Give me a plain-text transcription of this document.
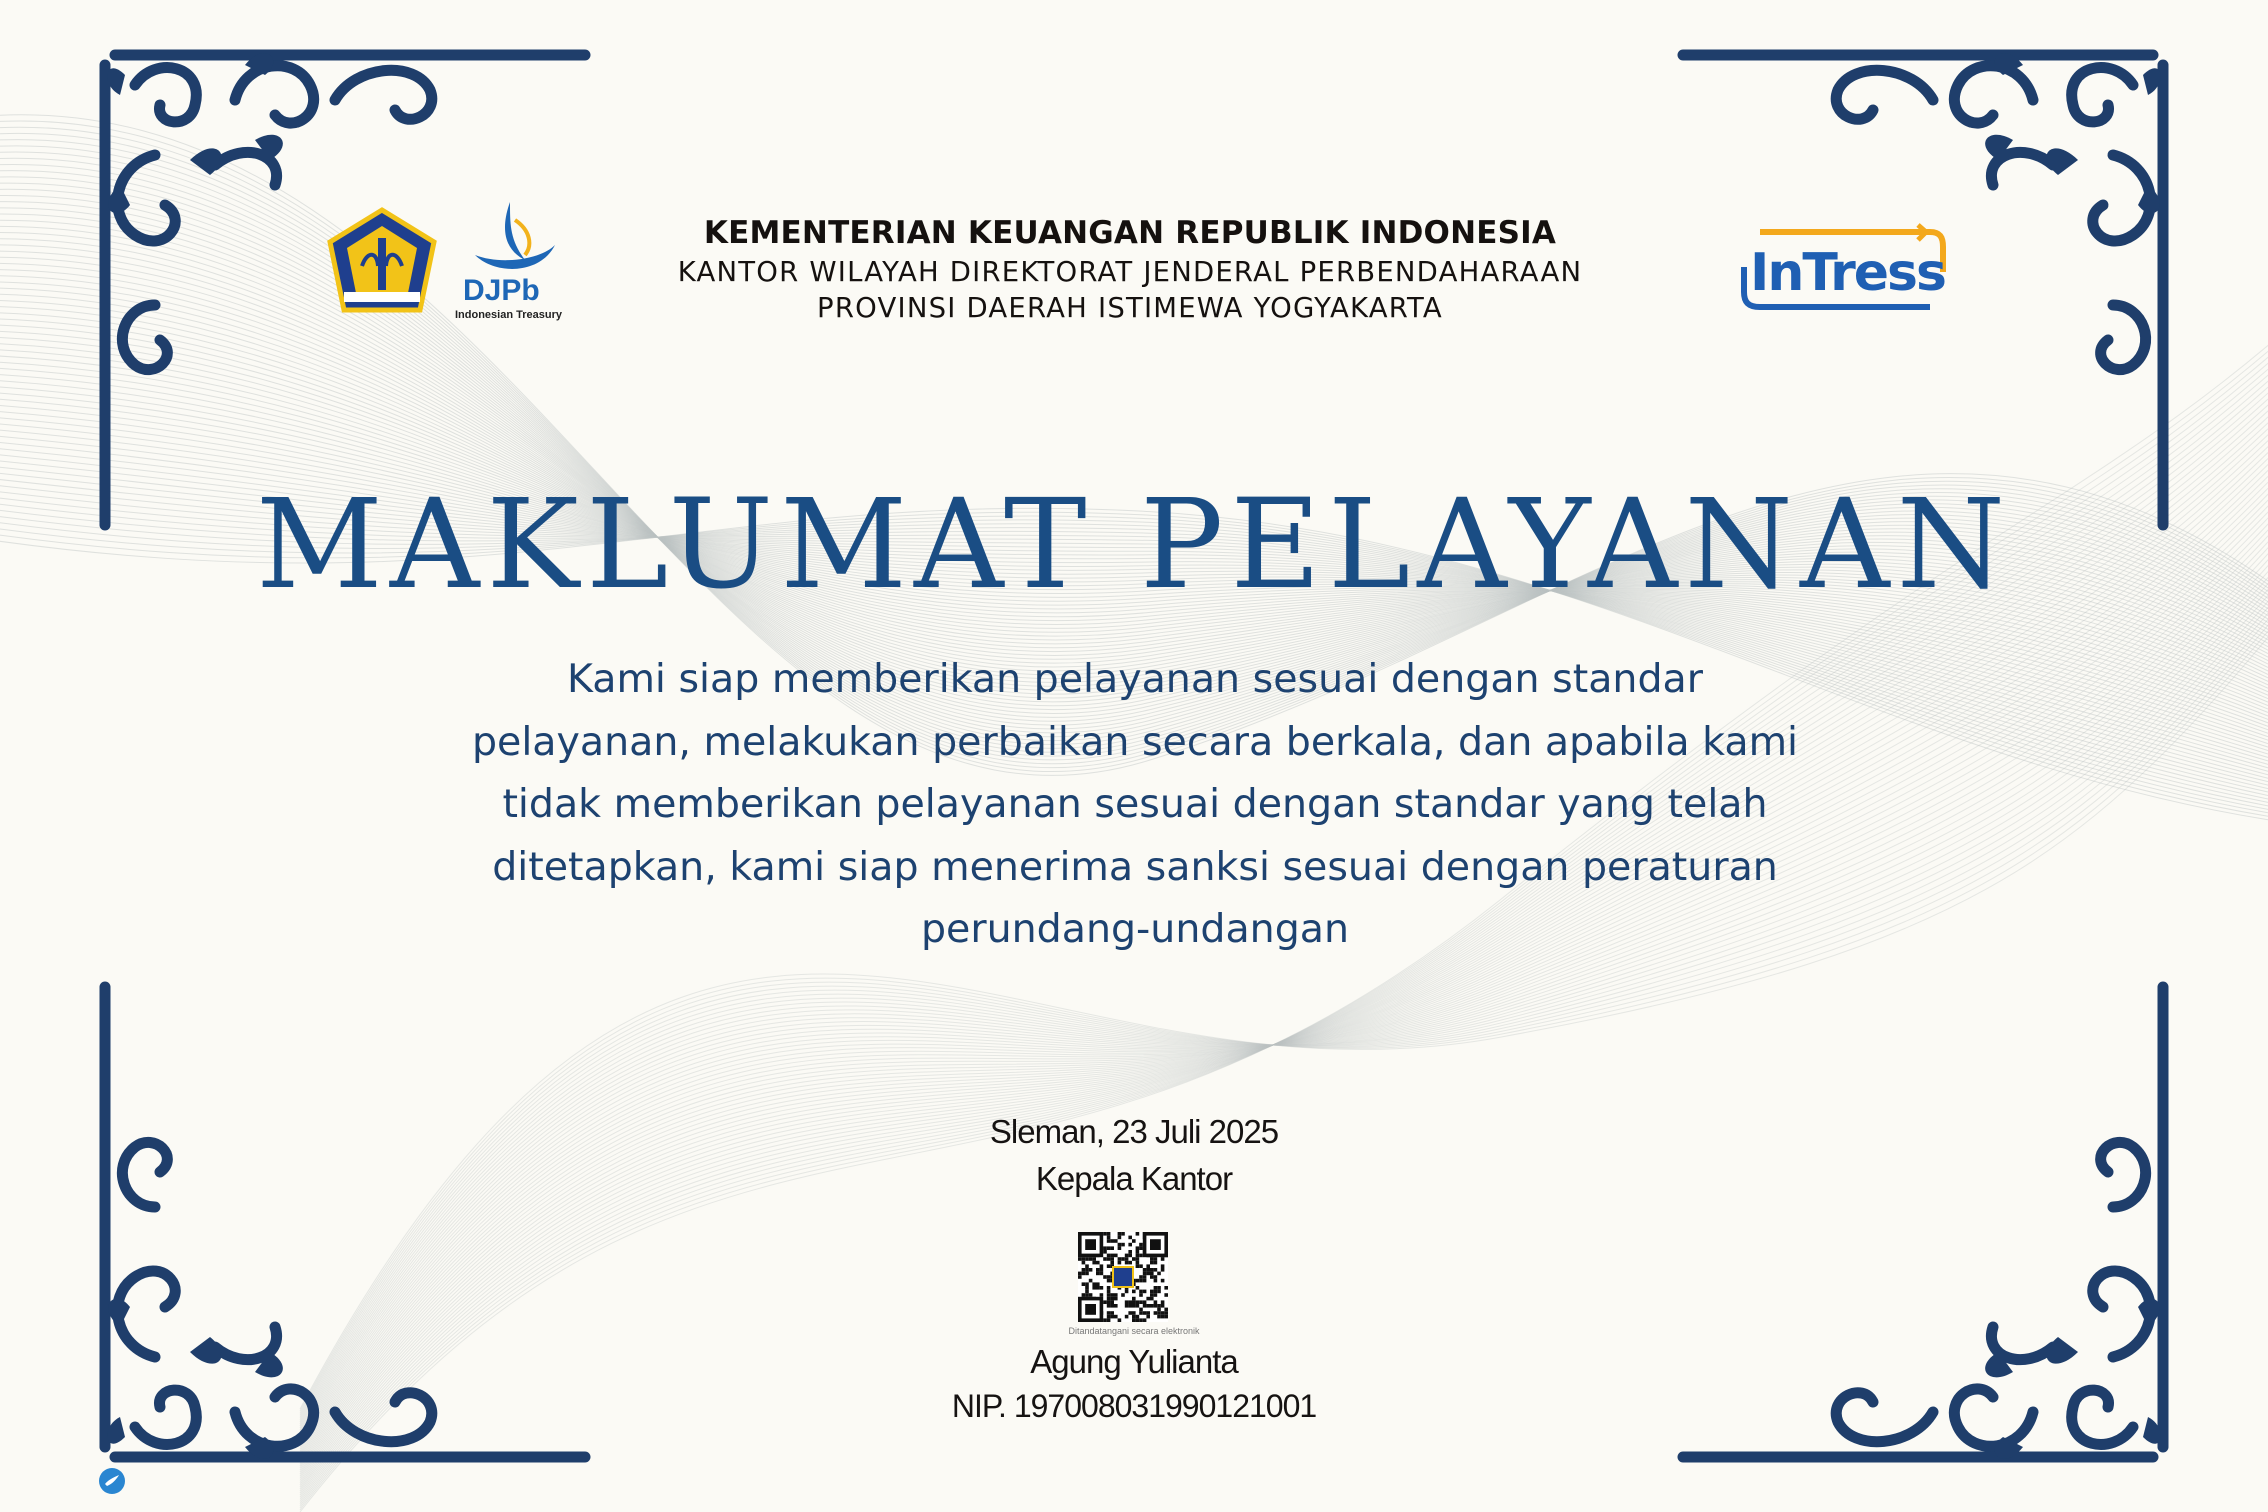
DJPb
Indonesian Treasury
InTress
KEMENTERIAN KEUANGAN REPUBLIK INDONESIA
KANTOR WILAYAH DIREKTORAT JENDERAL PERBENDAHARAAN
PROVINSI DAERAH ISTIMEWA YOGYAKARTA
MAKLUMAT PELAYANAN
Kami siap memberikan pelayanan sesuai dengan standar
pelayanan, melakukan perbaikan secara berkala, dan apabila kami
tidak memberikan pelayanan sesuai dengan standar yang telah
ditetapkan, kami siap menerima sanksi sesuai dengan peraturan
perundang-undangan
Sleman, 23 Juli 2025
Kepala Kantor
Ditandatangani secara elektronik
Agung Yulianta
NIP. 197008031990121001
